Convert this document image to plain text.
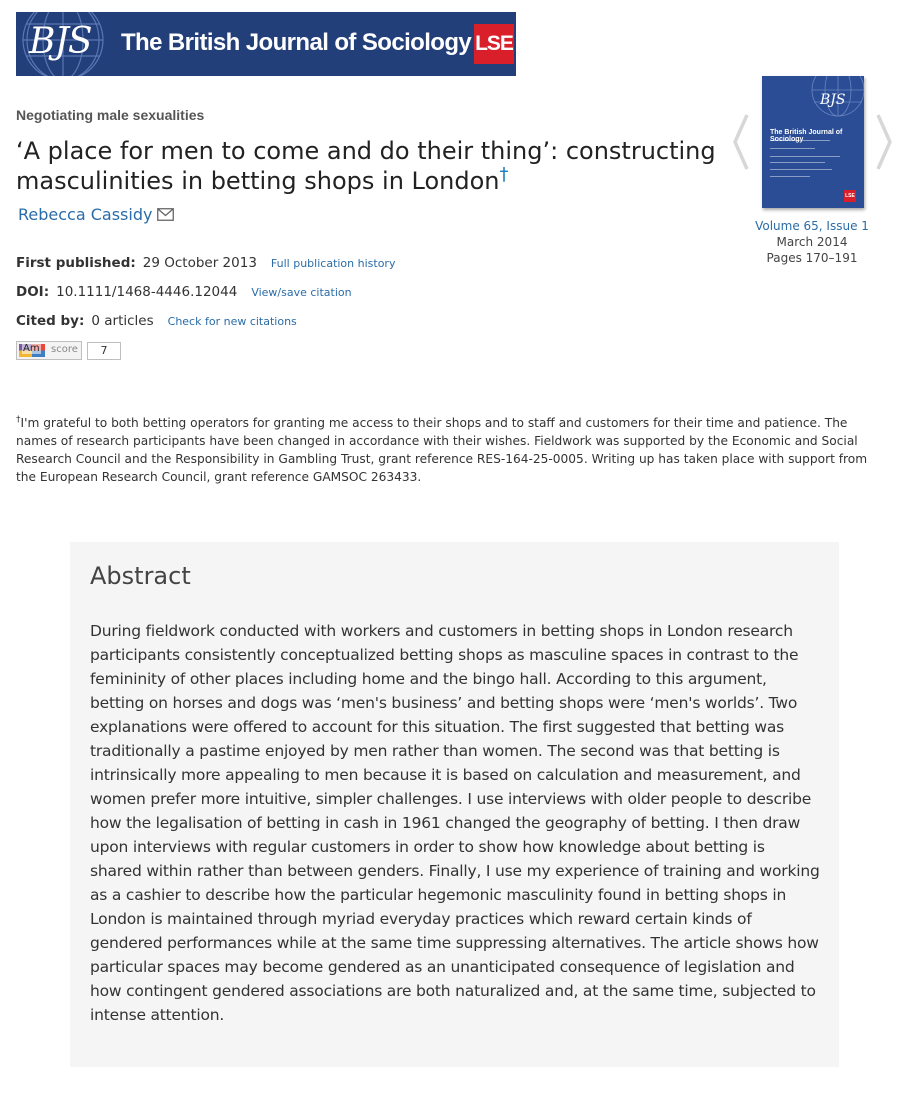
BJS The British Journal of Sociology LSE
Negotiating male sexualities
‘A place for men to come and do their thing’: constructing masculinities in betting shops in London†
Rebecca Cassidy
First published: 29 October 2013 Full publication history
DOI: 10.1111/1468-4446.12044 View/save citation
Cited by: 0 articles Check for new citations
Am score	7
BJS
The British Journal of Sociology
LSE
Volume 65, Issue 1
March 2014
Pages 170–191

†I'm grateful to both betting operators for granting me access to their shops and to staff and customers for their time and patience. The names of research participants have been changed in accordance with their wishes. Fieldwork was supported by the Economic and Social Research Council and the Responsibility in Gambling Trust, grant reference RES-164-25-0005. Writing up has taken place with support from the European Research Council, grant reference GAMSOC 263433.

Abstract

During fieldwork conducted with workers and customers in betting shops in London research participants consistently conceptualized betting shops as masculine spaces in contrast to the femininity of other places including home and the bingo hall. According to this argument, betting on horses and dogs was ‘men's business’ and betting shops were ‘men's worlds’. Two explanations were offered to account for this situation. The first suggested that betting was traditionally a pastime enjoyed by men rather than women. The second was that betting is intrinsically more appealing to men because it is based on calculation and measurement, and women prefer more intuitive, simpler challenges. I use interviews with older people to describe how the legalisation of betting in cash in 1961 changed the geography of betting. I then draw upon interviews with regular customers in order to show how knowledge about betting is shared within rather than between genders. Finally, I use my experience of training and working as a cashier to describe how the particular hegemonic masculinity found in betting shops in London is maintained through myriad everyday practices which reward certain kinds of gendered performances while at the same time suppressing alternatives. The article shows how particular spaces may become gendered as an unanticipated consequence of legislation and how contingent gendered associations are both naturalized and, at the same time, subjected to intense attention.
